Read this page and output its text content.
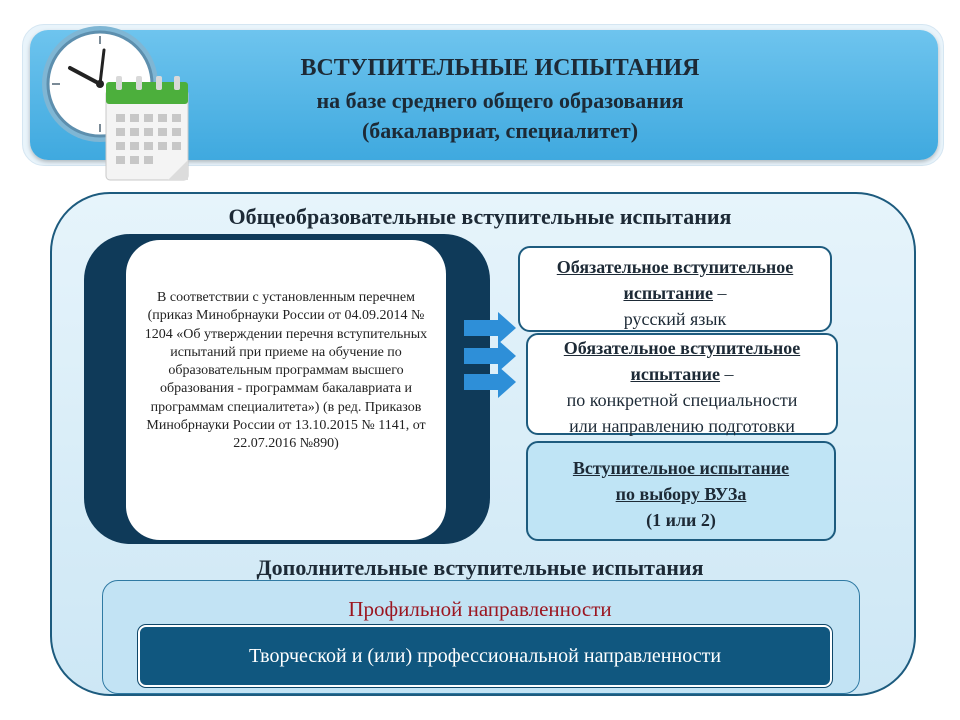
ВСТУПИТЕЛЬНЫЕ ИСПЫТАНИЯ
на базе среднего общего образования
(бакалавриат, специалитет)
Общеобразовательные вступительные испытания
В соответствии с установленным перечнем (приказ Минобрнауки России от 04.09.2014 № 1204 «Об утверждении перечня вступительных испытаний при приеме на обучение по образовательным программам высшего образования - программам бакалавриата и программам специалитета») (в ред. Приказов Минобрнауки России от 13.10.2015 № 1141, от 22.07.2016 №890)
Обязательное вступительное
испытание –
русский язык
Обязательное вступительное
испытание –
по конкретной специальности
или направлению подготовки
Вступительное испытание
по выбору ВУЗа
(1 или 2)
Дополнительные вступительные испытания
Профильной направленности
Творческой и (или) профессиональной направленности
